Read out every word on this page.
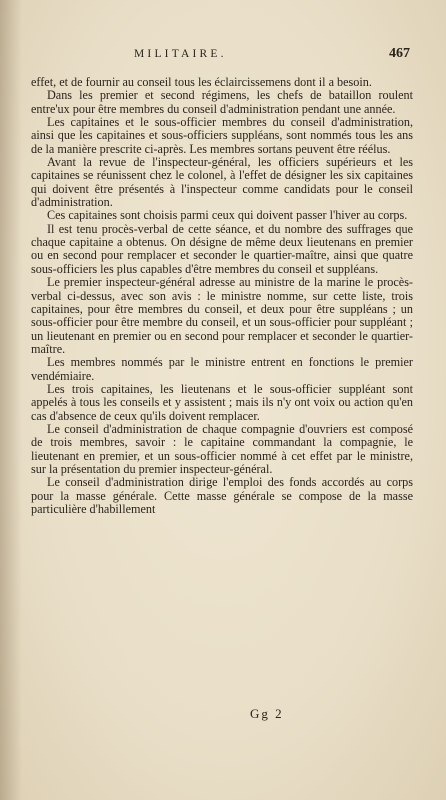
MILITAIRE.	467

effet, et de fournir au conseil tous les éclaircissemens dont il a besoin.

Dans les premier et second régimens, les chefs de bataillon roulent entre'ux pour être membres du conseil d'administration pendant une année.

Les capitaines et le sous-officier membres du conseil d'administration, ainsi que les capitaines et sous-officiers suppléans, sont nommés tous les ans de la manière prescrite ci-après. Les membres sortans peuvent être réélus.

Avant la revue de l'inspecteur-général, les officiers supérieurs et les capitaines se réunissent chez le colonel, à l'effet de désigner les six capitaines qui doivent être présentés à l'inspecteur comme candidats pour le conseil d'administration.

Ces capitaines sont choisis parmi ceux qui doivent passer l'hiver au corps.

Il est tenu procès-verbal de cette séance, et du nombre des suffrages que chaque capitaine a obtenus. On désigne de même deux lieutenans en premier ou en second pour remplacer et seconder le quartier-maître, ainsi que quatre sous-officiers les plus capables d'être membres du conseil et suppléans.

Le premier inspecteur-général adresse au ministre de la marine le procès-verbal ci-dessus, avec son avis : le ministre nomme, sur cette liste, trois capitaines, pour être membres du conseil, et deux pour être suppléans ; un sous-officier pour être membre du conseil, et un sous-officier pour suppléant ; un lieutenant en premier ou en second pour remplacer et seconder le quartier-maître.

Les membres nommés par le ministre entrent en fonctions le premier vendémiaire.

Les trois capitaines, les lieutenans et le sous-officier suppléant sont appelés à tous les conseils et y assistent ; mais ils n'y ont voix ou action qu'en cas d'absence de ceux qu'ils doivent remplacer.

Le conseil d'administration de chaque compagnie d'ouvriers est composé de trois membres, savoir : le capitaine commandant la compagnie, le lieutenant en premier, et un sous-officier nommé à cet effet par le ministre, sur la présentation du premier inspecteur-général.

Le conseil d'administration dirige l'emploi des fonds accordés au corps pour la masse générale. Cette masse générale se compose de la masse particulière d'habillement

Gg 2
